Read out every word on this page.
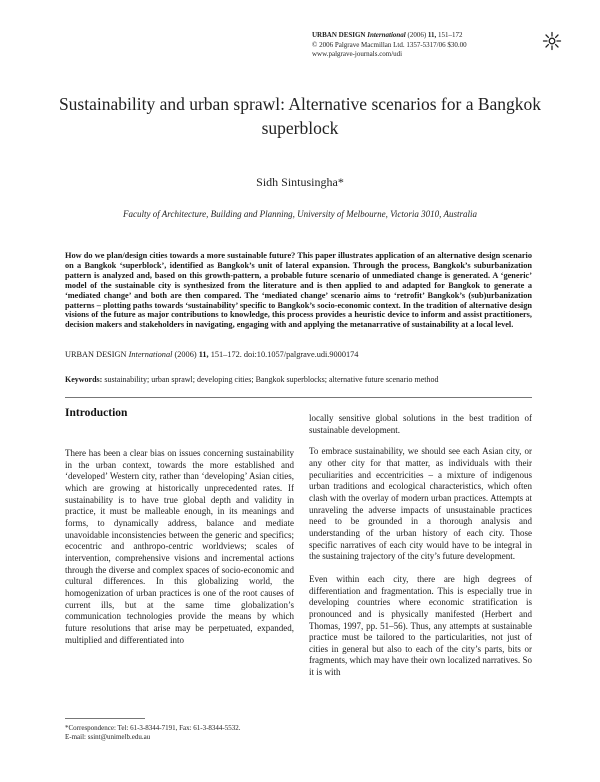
URBAN DESIGN International (2006) 11, 151–172
© 2006 Palgrave Macmillan Ltd. 1357-5317/06 $30.00
www.palgrave-journals.com/udi
Sustainability and urban sprawl: Alternative scenarios for a Bangkok superblock
Sidh Sintusingha*
Faculty of Architecture, Building and Planning, University of Melbourne, Victoria 3010, Australia
How do we plan/design cities towards a more sustainable future? This paper illustrates application of an alternative design scenario on a Bangkok ‘superblock’, identified as Bangkok’s unit of lateral expansion. Through the process, Bangkok’s suburbanization pattern is analyzed and, based on this growth-pattern, a probable future scenario of unmediated change is generated. A ‘generic’ model of the sustainable city is synthesized from the literature and is then applied to and adapted for Bangkok to generate a ‘mediated change’ and both are then compared. The ‘mediated change’ scenario aims to ‘retrofit’ Bangkok’s (sub)urbanization patterns – plotting paths towards ‘sustainability’ specific to Bangkok’s socio-economic context. In the tradition of alternative design visions of the future as major contributions to knowledge, this process provides a heuristic device to inform and assist practitioners, decision makers and stakeholders in navigating, engaging with and applying the metanarrative of sustainability at a local level.
URBAN DESIGN International (2006) 11, 151–172. doi:10.1057/palgrave.udi.9000174
Keywords: sustainability; urban sprawl; developing cities; Bangkok superblocks; alternative future scenario method
Introduction

There has been a clear bias on issues concerning sustainability in the urban context, towards the more established and ‘developed’ Western city, rather than ‘developing’ Asian cities, which are growing at historically unprecedented rates. If sustainability is to have true global depth and validity in practice, it must be malleable enough, in its meanings and forms, to dynamically address, balance and mediate unavoidable inconsistencies between the generic and specifics; ecocentric and anthropo-centric worldviews; scales of intervention, comprehensive visions and incremental actions through the diverse and complex spaces of socio-economic and cultural differences. In this globalizing world, the homogenization of urban practices is one of the root causes of current ills, but at the same time globalization’s communication technologies provide the means by which future resolutions that arise may be perpetuated, expanded, multiplied and differentiated into

locally sensitive global solutions in the best tradition of sustainable development.

To embrace sustainability, we should see each Asian city, or any other city for that matter, as individuals with their peculiarities and eccentricities – a mixture of indigenous urban traditions and ecological characteristics, which often clash with the overlay of modern urban practices. Attempts at unraveling the adverse impacts of unsustainable practices need to be grounded in a thorough analysis and understanding of the urban history of each city. Those specific narratives of each city would have to be integral in the sustaining trajectory of the city’s future development.

Even within each city, there are high degrees of differentiation and fragmentation. This is especially true in developing countries where economic stratification is pronounced and is physically manifested (Herbert and Thomas, 1997, pp. 51–56). Thus, any attempts at sustainable practice must be tailored to the particularities, not just of cities in general but also to each of the city’s parts, bits or fragments, which may have their own localized narratives. So it is with

*Correspondence: Tel: 61-3-8344-7191, Fax: 61-3-8344-5532.
E-mail: ssint@unimelb.edu.au
